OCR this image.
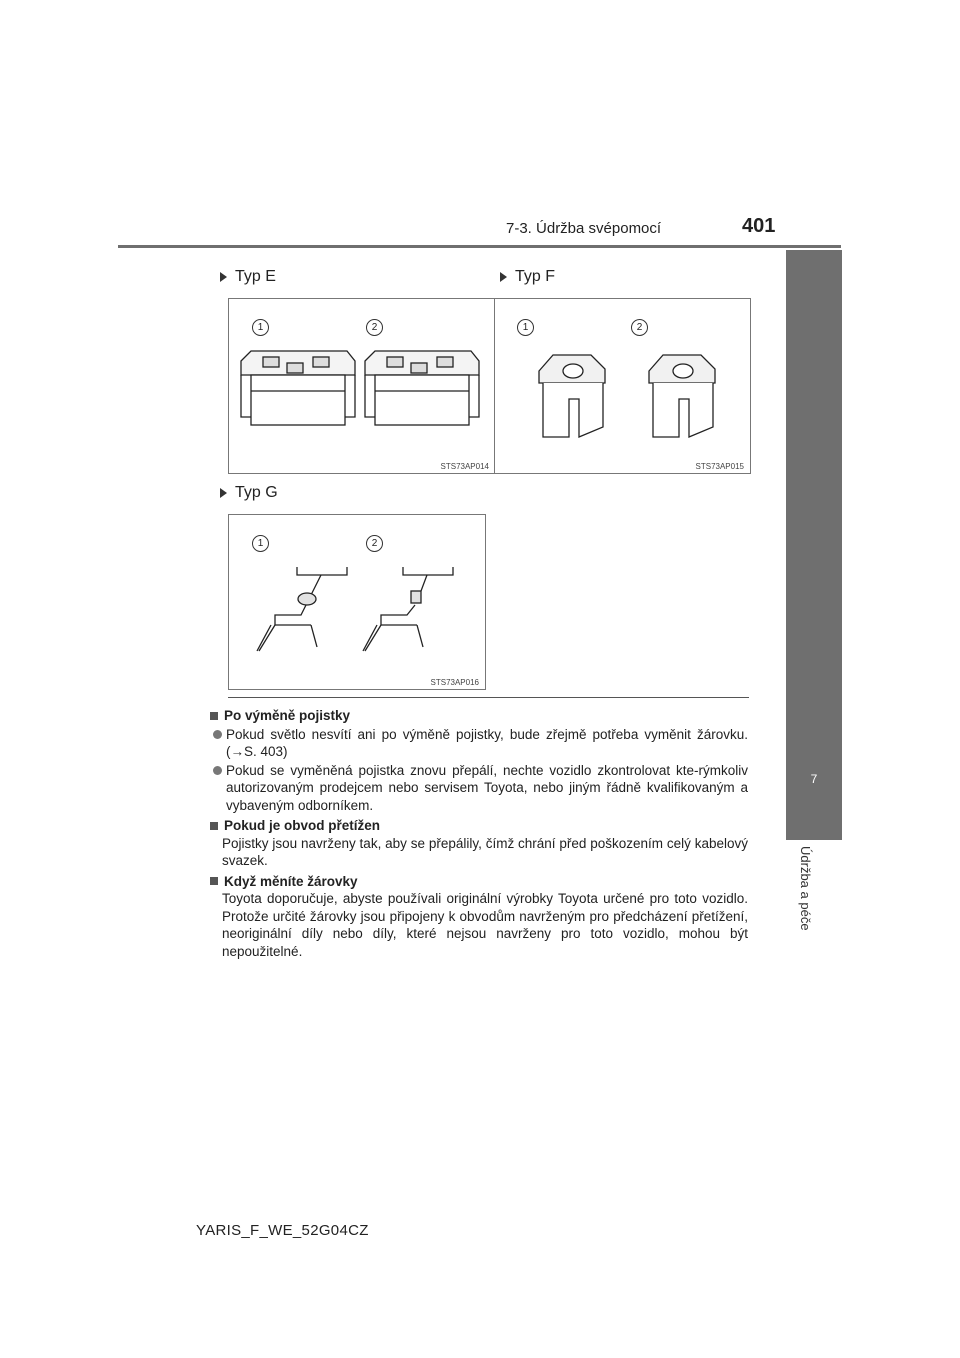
7-3. Údržba svépomocí	401
7
Údržba a péče
Typ E	Typ F
1	2
STS73AP014
1	2
STS73AP015
Typ G
1	2
STS73AP016
Po výměně pojistky
Pokud světlo nesvítí ani po výměně pojistky, bude zřejmě potřeba vyměnit žárovku. (→S. 403)
Pokud se vyměněná pojistka znovu přepálí, nechte vozidlo zkontrolovat kte-rýmkoliv autorizovaným prodejcem nebo servisem Toyota, nebo jiným řádně kvalifikovaným a vybaveným odborníkem.
Pokud je obvod přetížen
Pojistky jsou navrženy tak, aby se přepálily, čímž chrání před poškozením celý kabelový svazek.
Když měníte žárovky
Toyota doporučuje, abyste používali originální výrobky Toyota určené pro toto vozidlo. Protože určité žárovky jsou připojeny k obvodům navrženým pro předcházení přetížení, neoriginální díly nebo díly, které nejsou navrženy pro toto vozidlo, mohou být nepoužitelné.
YARIS_F_WE_52G04CZ
